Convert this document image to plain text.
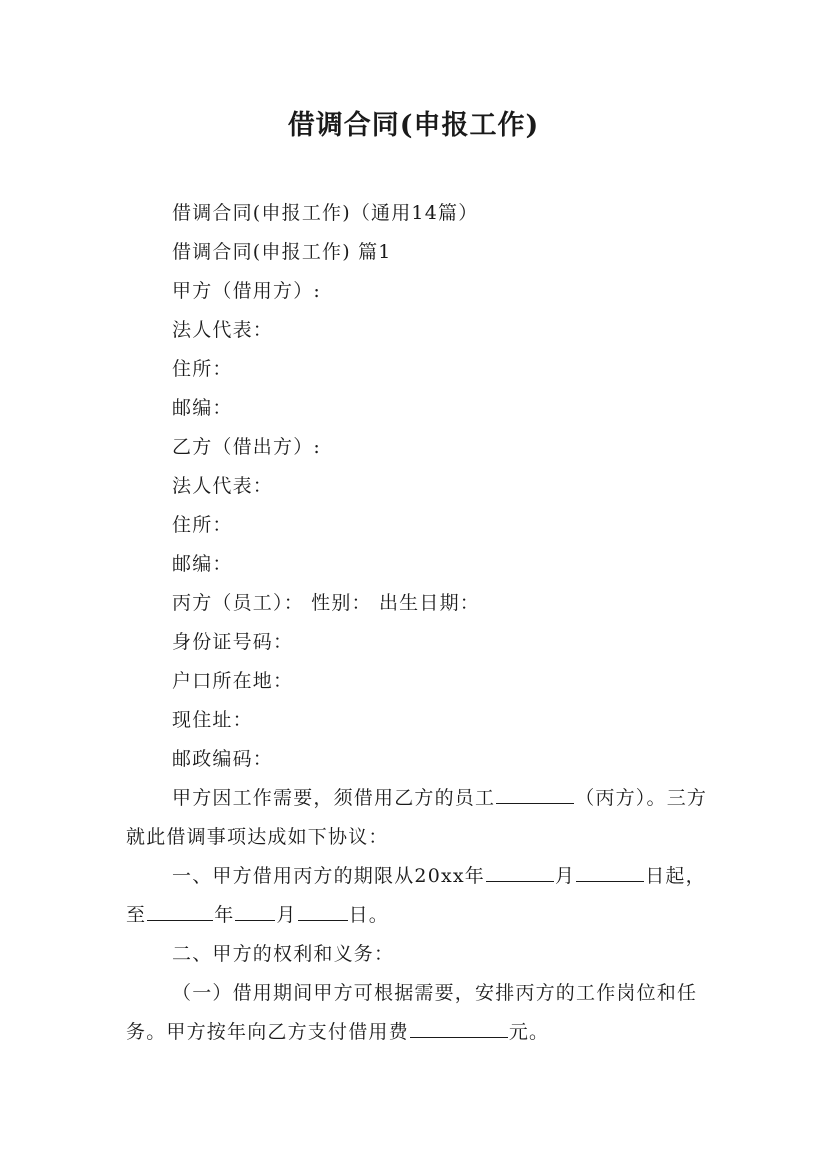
借调合同(申报工作)

借调合同(申报工作)（通用14篇）

借调合同(申报工作) 篇1

甲方（借用方）:

法人代表：

住所：

邮编：

乙方（借出方）:

法人代表：

住所：

邮编：

丙方（员工）： 性别： 出生日期：

身份证号码：

户口所在地：

现住址：

邮政编码：

甲方因工作需要，须借用乙方的员工	（丙方）。三方就此借调事项达成如下协议：

一、甲方借用丙方的期限从20xx年	月	日起，至	年 月	日。

二、甲方的权利和义务：

（一）借用期间甲方可根据需要，安排丙方的工作岗位和任务。甲方按年向乙方支付借用费	元。
